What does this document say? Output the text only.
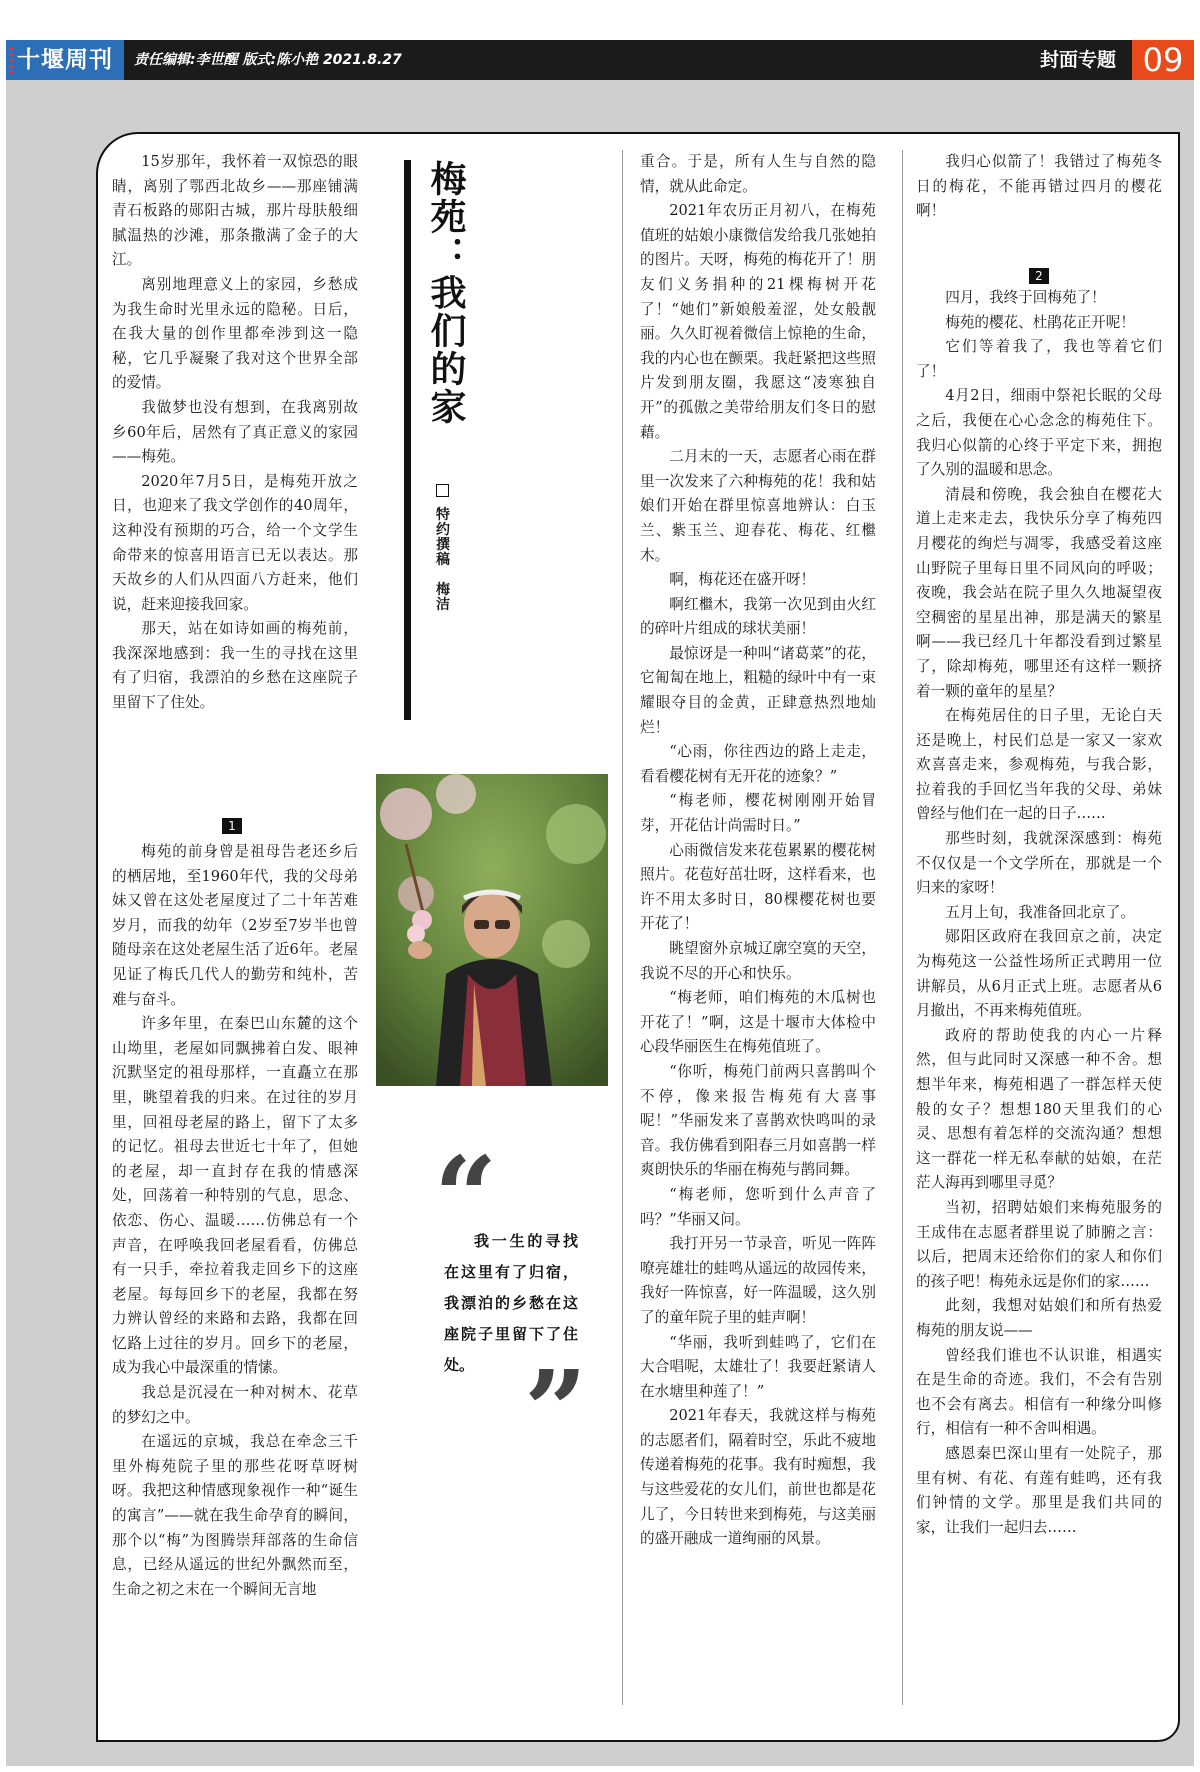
十堰周刊	责任编辑:李世醒 版式:陈小艳 2021.8.27	封面专题 09

15岁那年，我怀着一双惊恐的眼睛，离别了鄂西北故乡——那座铺满青石板路的郧阳古城，那片母肤般细腻温热的沙滩，那条撒满了金子的大江。

离别地理意义上的家园，乡愁成为我生命时光里永远的隐秘。日后，在我大量的创作里都牵涉到这一隐秘，它几乎凝聚了我对这个世界全部的爱情。

我做梦也没有想到，在我离别故乡60年后，居然有了真正意义的家园——梅苑。

2020年7月5日，是梅苑开放之日，也迎来了我文学创作的40周年，这种没有预期的巧合，给一个文学生命带来的惊喜用语言已无以表达。那天故乡的人们从四面八方赶来，他们说，赶来迎接我回家。

那天，站在如诗如画的梅苑前，我深深地感到：我一生的寻找在这里有了归宿，我漂泊的乡愁在这座院子里留下了住处。

1

梅苑的前身曾是祖母告老还乡后的栖居地，至1960年代，我的父母弟妹又曾在这处老屋度过了二十年苦难岁月，而我的幼年（2岁至7岁半也曾随母亲在这处老屋生活了近6年。老屋见证了梅氏几代人的勤劳和纯朴，苦难与奋斗。

许多年里，在秦巴山东麓的这个山坳里，老屋如同飘拂着白发、眼神沉默坚定的祖母那样，一直矗立在那里，眺望着我的归来。在过往的岁月里，回祖母老屋的路上，留下了太多的记忆。祖母去世近七十年了，但她的老屋，却一直封存在我的情感深处，回荡着一种特别的气息，思念、依恋、伤心、温暖……仿佛总有一个声音，在呼唤我回老屋看看，仿佛总有一只手，牵拉着我走回乡下的这座老屋。每每回乡下的老屋，我都在努力辨认曾经的来路和去路，我都在回忆路上过往的岁月。回乡下的老屋，成为我心中最深重的情愫。

我总是沉浸在一种对树木、花草的梦幻之中。

在遥远的京城，我总在牵念三千里外梅苑院子里的那些花呀草呀树呀。我把这种情感现象视作一种“诞生的寓言”——就在我生命孕育的瞬间，那个以“梅”为图腾崇拜部落的生命信息，已经从遥远的世纪外飘然而至，生命之初之末在一个瞬间无言地

梅苑：我们的家
特约撰稿　梅洁
“
我一生的寻找在这里有了归宿，我漂泊的乡愁在这座院子里留下了住处。 ”

重合。于是，所有人生与自然的隐情，就从此命定。

2021年农历正月初八，在梅苑值班的姑娘小康微信发给我几张她拍的图片。天呀，梅苑的梅花开了！朋友们义务捐种的21棵梅树开花了！“她们”新娘般羞涩，处女般靓丽。久久盯视着微信上惊艳的生命，我的内心也在颤栗。我赶紧把这些照片发到朋友圈，我愿这“凌寒独自开”的孤傲之美带给朋友们冬日的慰藉。

二月末的一天，志愿者心雨在群里一次发来了六种梅苑的花！我和姑娘们开始在群里惊喜地辨认：白玉兰、紫玉兰、迎春花、梅花、红檵木。

啊，梅花还在盛开呀！

啊红檵木，我第一次见到由火红的碎叶片组成的球状美丽！

最惊讶是一种叫“诸葛菜”的花，它匍匐在地上，粗糙的绿叶中有一束耀眼夺目的金黄，正肆意热烈地灿烂！

“心雨，你往西边的路上走走，看看樱花树有无开花的迹象？”

“梅老师，樱花树刚刚开始冒芽，开花估计尚需时日。”

心雨微信发来花苞累累的樱花树照片。花苞好茁壮呀，这样看来，也许不用太多时日，80棵樱花树也要开花了！

眺望窗外京城辽廓空寞的天空，我说不尽的开心和快乐。

“梅老师，咱们梅苑的木瓜树也开花了！”啊，这是十堰市大体检中心段华丽医生在梅苑值班了。

“你听，梅苑门前两只喜鹊叫个不停，像来报告梅苑有大喜事呢！”华丽发来了喜鹊欢快鸣叫的录音。我仿佛看到阳春三月如喜鹊一样爽朗快乐的华丽在梅苑与鹊同舞。

“梅老师，您听到什么声音了吗？”华丽又问。

我打开另一节录音，听见一阵阵嘹亮雄壮的蛙鸣从遥远的故园传来，我好一阵惊喜，好一阵温暖，这久别了的童年院子里的蛙声啊！

“华丽，我听到蛙鸣了，它们在大合唱呢，太雄壮了！我要赶紧请人在水塘里种莲了！”

2021年春天，我就这样与梅苑的志愿者们，隔着时空，乐此不疲地传递着梅苑的花事。我有时痴想，我与这些爱花的女儿们，前世也都是花儿了，今日转世来到梅苑，与这美丽的盛开融成一道绚丽的风景。

我归心似箭了！我错过了梅苑冬日的梅花，不能再错过四月的樱花啊！

2

四月，我终于回梅苑了！

梅苑的樱花、杜鹃花正开呢！

它们等着我了，我也等着它们了！

4月2日，细雨中祭祀长眠的父母之后，我便在心心念念的梅苑住下。我归心似箭的心终于平定下来，拥抱了久别的温暖和思念。

清晨和傍晚，我会独自在樱花大道上走来走去，我快乐分享了梅苑四月樱花的绚烂与凋零，我感受着这座山野院子里每日里不同风向的呼吸；夜晚，我会站在院子里久久地凝望夜空稠密的星星出神，那是满天的繁星啊——我已经几十年都没看到过繁星了，除却梅苑，哪里还有这样一颗挤着一颗的童年的星星？

在梅苑居住的日子里，无论白天还是晚上，村民们总是一家又一家欢欢喜喜走来，参观梅苑，与我合影，拉着我的手回忆当年我的父母、弟妹曾经与他们在一起的日子……

那些时刻，我就深深感到：梅苑不仅仅是一个文学所在，那就是一个归来的家呀！

五月上旬，我准备回北京了。

郧阳区政府在我回京之前，决定为梅苑这一公益性场所正式聘用一位讲解员，从6月正式上班。志愿者从6月撤出，不再来梅苑值班。

政府的帮助使我的内心一片释然，但与此同时又深感一种不舍。想想半年来，梅苑相遇了一群怎样天使般的女子？想想180天里我们的心灵、思想有着怎样的交流沟通？想想这一群花一样无私奉献的姑娘，在茫茫人海再到哪里寻觅？

当初，招聘姑娘们来梅苑服务的王成伟在志愿者群里说了肺腑之言：以后，把周末还给你们的家人和你们的孩子吧！梅苑永远是你们的家……

此刻，我想对姑娘们和所有热爱梅苑的朋友说——

曾经我们谁也不认识谁，相遇实在是生命的奇迹。我们，不会有告别也不会有离去。相信有一种缘分叫修行，相信有一种不舍叫相遇。

感恩秦巴深山里有一处院子，那里有树、有花、有莲有蛙鸣，还有我们钟情的文学。那里是我们共同的家，让我们一起归去……
